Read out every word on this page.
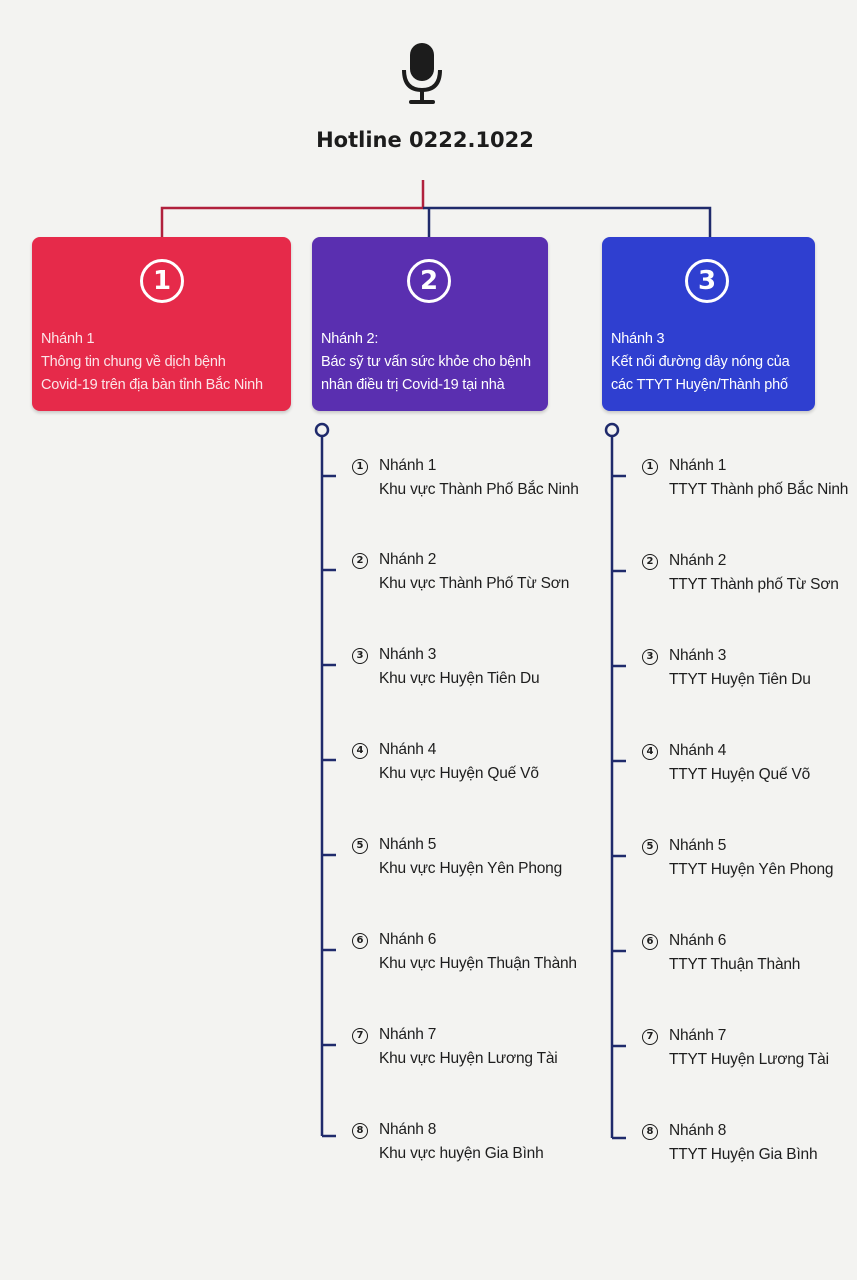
Hotline 0222.1022
1
Nhánh 1
Thông tin chung về dịch bệnh
Covid-19 trên địa bàn tỉnh Bắc Ninh
2
Nhánh 2:
Bác sỹ tư vấn sức khỏe cho bệnh
nhân điều trị Covid-19 tại nhà
3
Nhánh 3
Kết nối đường dây nóng của
các TTYT Huyện/Thành phố
1 Nhánh 1
Khu vực Thành Phố Bắc Ninh
2 Nhánh 2
Khu vực Thành Phố Từ Sơn
3 Nhánh 3
Khu vực Huyện Tiên Du
4 Nhánh 4
Khu vực Huyện Quế Võ
5 Nhánh 5
Khu vực Huyện Yên Phong
6 Nhánh 6
Khu vực Huyện Thuận Thành
7 Nhánh 7
Khu vực Huyện Lương Tài
8 Nhánh 8
Khu vực huyện Gia Bình
1 Nhánh 1
TTYT Thành phố Bắc Ninh
2 Nhánh 2
TTYT Thành phố Từ Sơn
3 Nhánh 3
TTYT Huyện Tiên Du
4 Nhánh 4
TTYT Huyện Quế Võ
5 Nhánh 5
TTYT Huyện Yên Phong
6 Nhánh 6
TTYT Thuận Thành
7 Nhánh 7
TTYT Huyện Lương Tài
8 Nhánh 8
TTYT Huyện Gia Bình
